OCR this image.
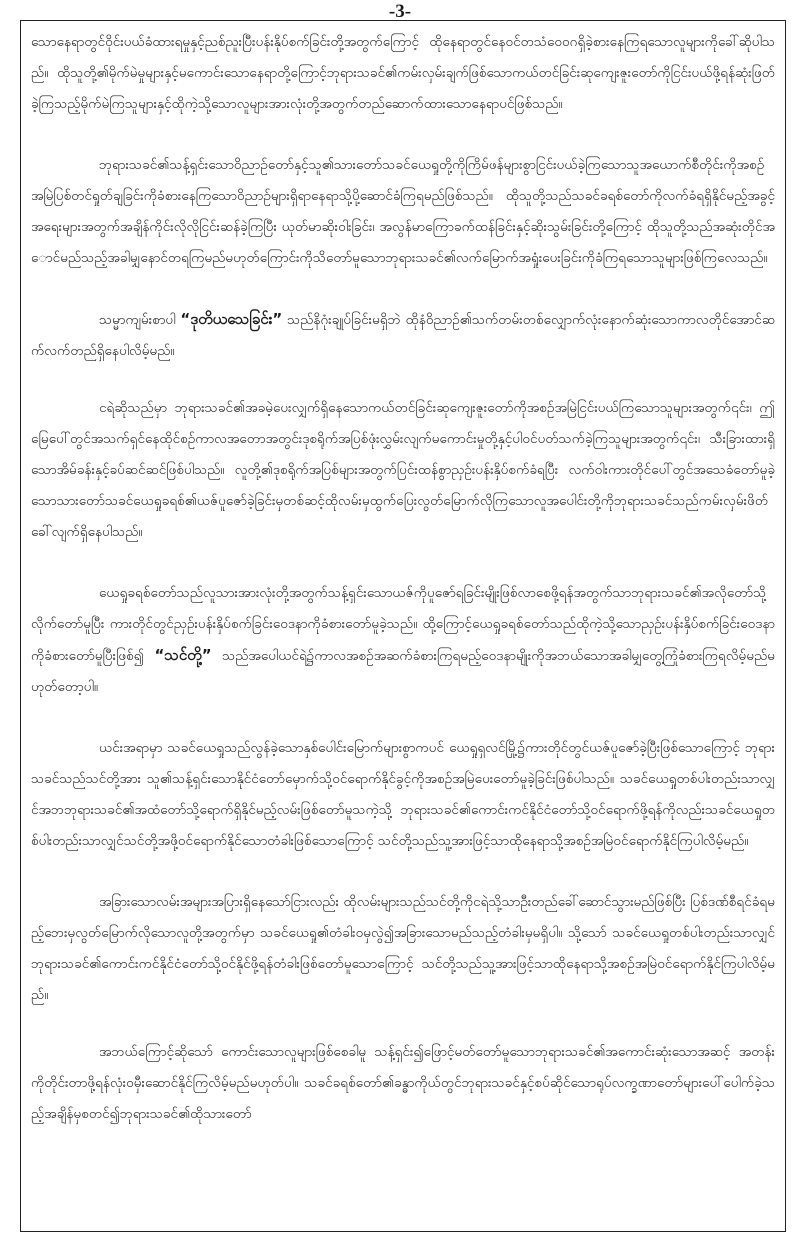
-3-

သောနေရာတွင်ဝိုင်းပယ်ခံထားရမှုနှင့်ညစ်ညူးပြီးပန်းနိုပ်စက်ခြင်းတို့အတွက်ကြောင့် ထိုနေရာတွင်နေ၀င်တသံဝေဝဂရှိခဲ့စားနေကြရသောလူများကိုခေါ်ဆိုပါသည်။ ထိုသူတို့၏မိုက်မဲမှုများနှင့်မကောင်းသောနေရာတို့ကြောင့်ဘုရားသခင်၏ကမ်းလှမ်းချက်ဖြစ်သောကယ်တင်ခြင်းဆုကျေးဇူးတော်ကိုငြင်းပယ်ဖို့ရန်ဆုံးဖြတ်ခဲ့ကြသည့်မိုက်မဲကြသူများနှင့်ထိုကဲ့သို့သောလူများအားလုံးတို့အတွက်တည်ဆောက်ထားသောနေရာပင်ဖြစ်သည်။

ဘုရားသခင်၏သန့်ရှင်းသောဝိညာဉ်တော်နှင့်သူ၏သားတော်သခင်ယေရှုတို့ကိုကြိမ်ဖန်များစွာငြင်းပယ်ခဲ့ကြသောသူအယောက်စီတိုင်းကိုအစဉ်အမြဲပြစ်တင်ရှုတ်ချခြင်းကိုခံစားနေကြသောဝိညာဉ်များရှိရာနေရာသို့ပို့ဆောင်ခံကြရမည်ဖြစ်သည်။ ထိုသူတို့သည်သခင်ခရစ်တော်ကိုလက်ခံရရှိနိုင်မည့်အခွင့်အရေးများအတွက်အချိန်ကိုင်းလိုလိုငြင်းဆန်ခဲ့ကြပြီး ယုတ်မာဆိုးဝါးခြင်း၊ အလွန်မာကြောခက်ထန်ခြင်းနှင့်ဆိုးသွမ်းခြင်းတို့ကြောင့် ထိုသူတို့သည်အဆုံးတိုင်အောင်မည်သည့်အခါမျှနောင်တရကြမည်မဟုတ်ကြောင်းကိုသိတော်မူသောဘုရားသခင်၏လက်မြောက်အရှုံးပေးခြင်းကိုခံကြရသောသူများဖြစ်ကြလေသည်။

သမ္မာကျမ်းစာပါ “ဒုတိယသေခြင်း” သည်နိဂုံးချုပ်ခြင်းမရှိဘဲ ထိုနံဝိညာဉ်၏သက်တမ်းတစ်လျှောက်လုံးနောက်ဆုံးသောကာလတိုင်အောင်ဆက်လက်တည်ရှိနေပါလိမ့်မည်။

ငရဲဆိုသည်မှာ ဘုရားသခင်၏အခမဲ့ပေးလျှက်ရှိနေသောကယ်တင်ခြင်းဆုကျေးဇူးတော်ကိုအစဉ်အမြဲငြင်းပယ်ကြသောသူများအတွက်၎င်း၊ ဤမြေပေါ်တွင်အသက်ရှင်နေထိုင်စဉ်ကာလအတောအတွင်းဒုစရိုက်အပြစ်ဖုံးလွှမ်းလျက်မကောင်းမှုတို့နှင့်ပါဝင်ပတ်သက်ခဲ့ကြသူများအတွက်၎င်း၊ သီးခြားထားရှိသောအိမ်ခန်းနှင့်ခပ်ဆင်ဆင်ဖြစ်ပါသည်။ လူတို့၏ဒုစရိုက်အပြစ်များအတွက်ပြင်းထန်စွာညှဉ်းပန်းနှိပ်စက်ခံရပြီး လက်ဝါးကားတိုင်ပေါ်တွင်အသေခံတော်မူခဲ့သောသားတော်သခင်ယေရှုခရစ်၏ယဇ်ပူဇော်ခဲ့ခြင်းမှတစ်ဆင့်ထိုလမ်းမှထွက်ပြေးလွတ်မြောက်လိုကြသောလူအပေါင်းတို့ကိုဘုရားသခင်သည်ကမ်းလှမ်းဖိတ်ခေါ်လျက်ရှိနေပါသည်။

ယေရှုခရစ်တော်သည်လူသားအားလုံးတို့အတွက်သန့်ရှင်းသောယဇ်ကိုပူဇော်ရခြင်းမျိုးဖြစ်လာစေဖို့ရန်အတွက်သာဘုရားသခင်၏အလိုတော်သို့လိုက်တော်မူပြီး ကားတိုင်တွင်ညှဉ်းပန်းနှိပ်စက်ခြင်းဝေဒနာကိုခံစားတော်မူခဲ့သည်။ ထို့ကြောင့်ယေရှုခရစ်တော်သည်ထိုကဲ့သို့သောညှဉ်းပန်းနှိပ်စက်ခြင်းဝေဒနာကိုခံစားတော်မူပြီးဖြစ်၍ “သင်တို့” သည်အပေါယင်ရဲ၌ကာလအစဉ်အဆက်ခံစားကြရမည့်ဝေဒနာမျိုးကိုအဘယ်သောအခါမျှတွေ့ကြုံခံစားကြရလိမ့်မည်မဟုတ်တော့ပါ။

ယင်းအရာမှာ သခင်ယေရှုသည်လွန်ခဲ့သောနှစ်ပေါင်းမြောက်များစွာကပင် ယေရှုရှလင်မြို့၌ကားတိုင်တွင်ယဇ်ပူဇော်ခဲ့ပြီးဖြစ်သောကြောင့် ဘုရားသခင်သည်သင်တို့အား သူ၏သန့်ရှင်းသောနိုင်ငံတော်မှောက်သို့ဝင်ရောက်နိုင်ခွင့်ကိုအစဉ်အမြဲပေးတော်မူခဲ့ခြင်းဖြစ်ပါသည်။ သခင်ယေရှုတစ်ပါးတည်းသာလျှင်အဘဘုရားသခင်၏အထံတော်သို့ရောက်ရှိနိုင်မည့်လမ်းဖြစ်တော်မူသကဲ့သို့ ဘုရားသခင်၏ကောင်းကင်နိုင်ငံတော်သို့ဝင်ရောက်ဖို့ရန်ကိုလည်းသခင်ယေရှုတစ်ပါးတည်းသာလျှင်သင်တို့အဖို့ဝင်ရောက်နိုင်သောတံခါးဖြစ်သောကြောင့် သင်တို့သည်သူ့အားဖြင့်သာထိုနေရာသို့အစဉ်အမြဲဝင်ရောက်နိုင်ကြပါလိမ့်မည်။

အခြားသောလမ်းအများအပြားရှိနေသော်ငြားလည်း ထိုလမ်းများသည်သင်တို့ကိုငရဲသို့သာဦးတည်ခေါ်ဆောင်သွားမည်ဖြစ်ပြီး ပြစ်ဒဏ်စီရင်ခံရမည့်ဘေးမှလွတ်မြောက်လိုသောလူတို့အတွက်မှာ သခင်ယေရှု၏တံခါးဝမှလွဲ၍အခြားသောမည်သည့်တံခါးမှမရှိပါ။ သို့သော် သခင်ယေရှုတစ်ပါးတည်းသာလျှင်ဘုရားသခင်၏ကောင်းကင်နိုင်ငံတော်သို့ဝင်နိုင်ဖို့ရန်တံခါးဖြစ်တော်မူသောကြောင့် သင်တို့သည်သူ့အားဖြင့်သာထိုနေရာသို့အစဉ်အမြဲဝင်ရောက်နိုင်ကြပါလိမ့်မည်။

အဘယ်ကြောင့်ဆိုသော် ကောင်းသောလူများဖြစ်စေခါမူ သန့်ရှင်း၍ဖြောင့်မတ်တော်မူသောဘုရားသခင်၏အကောင်းဆုံးသောအဆင့် အတန်းကိုတိုင်းတာဖို့ရန်လုံးဝမှီးဆောင်နိုင်ကြလိမ့်မည်မဟုတ်ပါ။ သခင်ခရစ်တော်၏ခန္ဓာကိုယ်တွင်ဘုရားသခင်နှင့်စပ်ဆိုင်သောရုပ်လက္ခဏာတော်များပေါ်ပေါက်ခဲ့သည့်အချိန်မှစတင်၍ဘုရားသခင်၏ထိုသားတော်
